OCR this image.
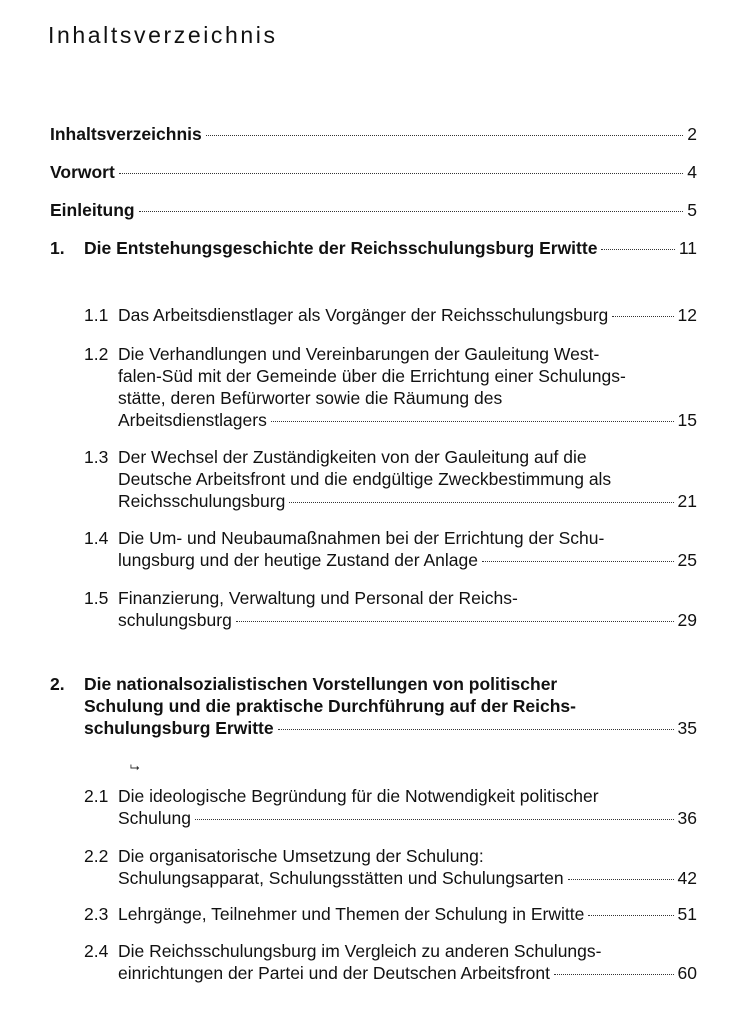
Inhaltsverzeichnis
Inhaltsverzeichnis	2
Vorwort	4
Einleitung	5
1. Die Entstehungsgeschichte der Reichsschulungsburg Erwitte	11
1.1 Das Arbeitsdienstlager als Vorgänger der Reichsschulungsburg	12
1.2 Die Verhandlungen und Vereinbarungen der Gauleitung West-
falen-Süd mit der Gemeinde über die Errichtung einer Schulungs-
stätte, deren Befürworter sowie die Räumung des
Arbeitsdienstlagers	15
1.3 Der Wechsel der Zuständigkeiten von der Gauleitung auf die
Deutsche Arbeitsfront und die endgültige Zweckbestimmung als
Reichsschulungsburg	21
1.4 Die Um- und Neubaumaßnahmen bei der Errichtung der Schu-
lungsburg und der heutige Zustand der Anlage	25
1.5 Finanzierung, Verwaltung und Personal der Reichs-
schulungsburg	29
2. Die nationalsozialistischen Vorstellungen von politischer
Schulung und die praktische Durchführung auf der Reichs-
schulungsburg Erwitte	35
2.1 Die ideologische Begründung für die Notwendigkeit politischer
Schulung	36
2.2 Die organisatorische Umsetzung der Schulung:
Schulungsapparat, Schulungsstätten und Schulungsarten	42
2.3 Lehrgänge, Teilnehmer und Themen der Schulung in Erwitte	51
2.4 Die Reichsschulungsburg im Vergleich zu anderen Schulungs-
einrichtungen der Partei und der Deutschen Arbeitsfront	60
⮡
